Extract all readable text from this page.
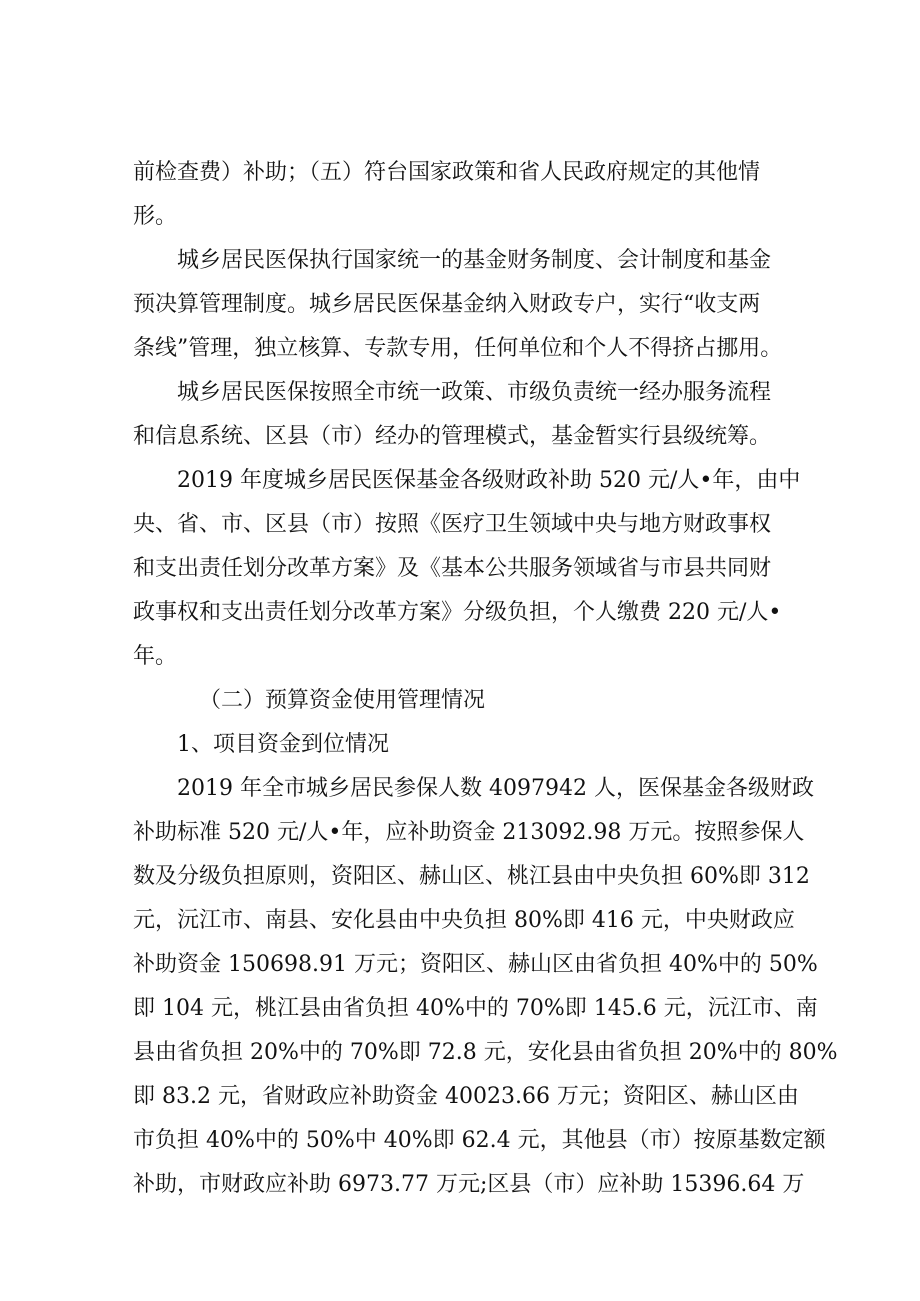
前检查费）补助；（五）符台国家政策和省人民政府规定的其他情

形。

城乡居民医保执行国家统一的基金财务制度、会计制度和基金

预决算管理制度。城乡居民医保基金纳入财政专户，实行“收支两

条线”管理，独立核算、专款专用，任何单位和个人不得挤占挪用。

城乡居民医保按照全市统一政策、市级负责统一经办服务流程

和信息系统、区县（市）经办的管理模式，基金暂实行县级统筹。

2019 年度城乡居民医保基金各级财政补助 520 元/人•年，由中

央、省、市、区县（市）按照《医疗卫生领域中央与地方财政事权

和支出责任划分改革方案》及《基本公共服务领域省与市县共同财

政事权和支出责任划分改革方案》分级负担，个人缴费 220 元/人•

年。

（二）预算资金使用管理情况

1、项目资金到位情况

2019 年全市城乡居民参保人数 4097942 人，医保基金各级财政

补助标准 520 元/人•年，应补助资金 213092.98 万元。按照参保人

数及分级负担原则，资阳区、赫山区、桃江县由中央负担 60%即 312

元，沅江市、南县、安化县由中央负担 80%即 416 元，中央财政应

补助资金 150698.91 万元；资阳区、赫山区由省负担 40%中的 50%

即 104 元，桃江县由省负担 40%中的 70%即 145.6 元，沅江市、南

县由省负担 20%中的 70%即 72.8 元，安化县由省负担 20%中的 80%

即 83.2 元，省财政应补助资金 40023.66 万元；资阳区、赫山区由

市负担 40%中的 50%中 40%即 62.4 元，其他县（市）按原基数定额

补助，市财政应补助 6973.77 万元;区县（市）应补助 15396.64 万
